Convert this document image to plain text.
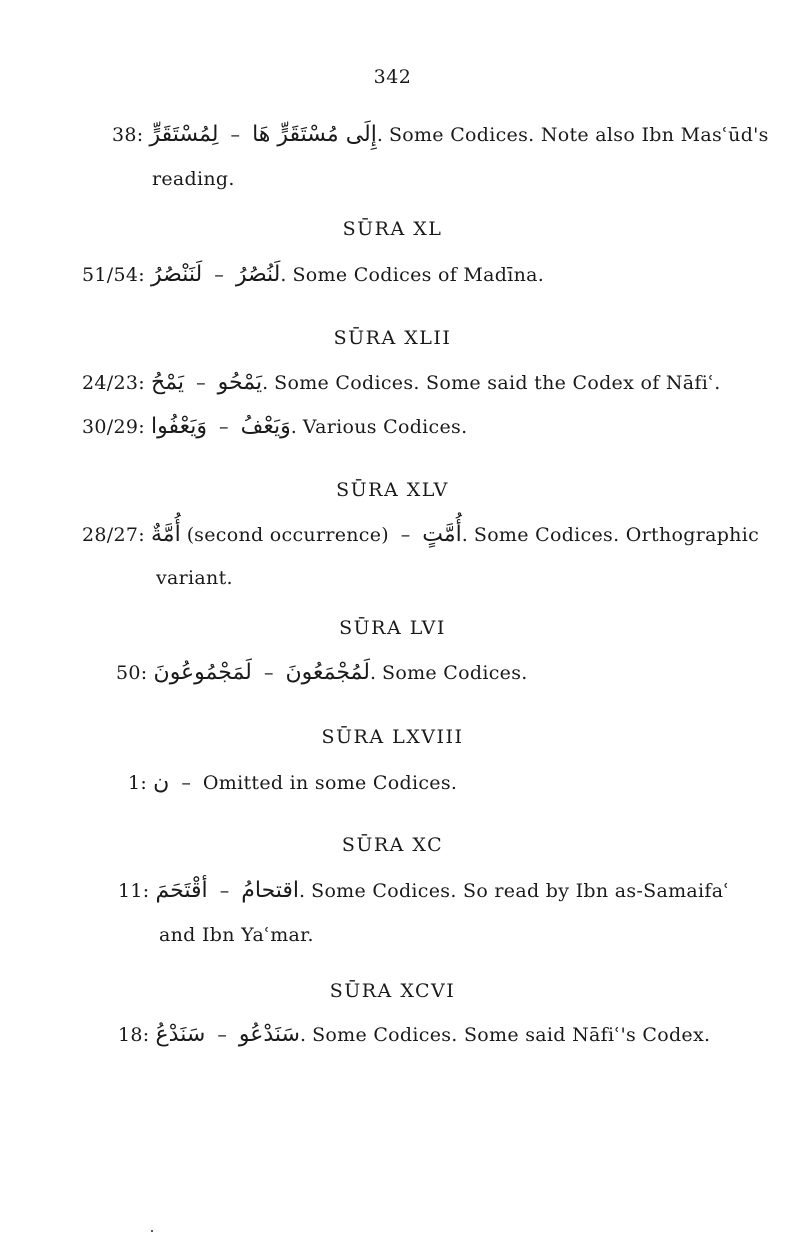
342
38: لِمُسْتَقَرٍّ – إِلَى مُسْتَقَرٍّ هَا. Some Codices. Note also Ibn Masʿūd's
reading.
SŪRA XL
51/54: لَنَنْصُرُ – لَنُصُرُ. Some Codices of Madīna.
SŪRA XLII
24/23: يَمْحُ – يَمْحُو. Some Codices. Some said the Codex of Nāfiʿ.
30/29: وَيَعْفُوا – وَيَعْفُ. Various Codices.
SŪRA XLV
28/27: أُمَّةٌ (second occurrence) – أُمَّتٍ. Some Codices. Orthographic
variant.
SŪRA LVI
50: لَمَجْمُوعُونَ – لَمُجْمَعُونَ. Some Codices.
SŪRA LXVIII
1: ن – Omitted in some Codices.
SŪRA XC
11: أقْتَحَمَ – اقتحامُ. Some Codices. So read by Ibn as-Samaifaʿ
and Ibn Yaʿmar.
SŪRA XCVI
18: سَنَدْعُ – سَنَدْعُو. Some Codices. Some said Nāfiʿ's Codex.
